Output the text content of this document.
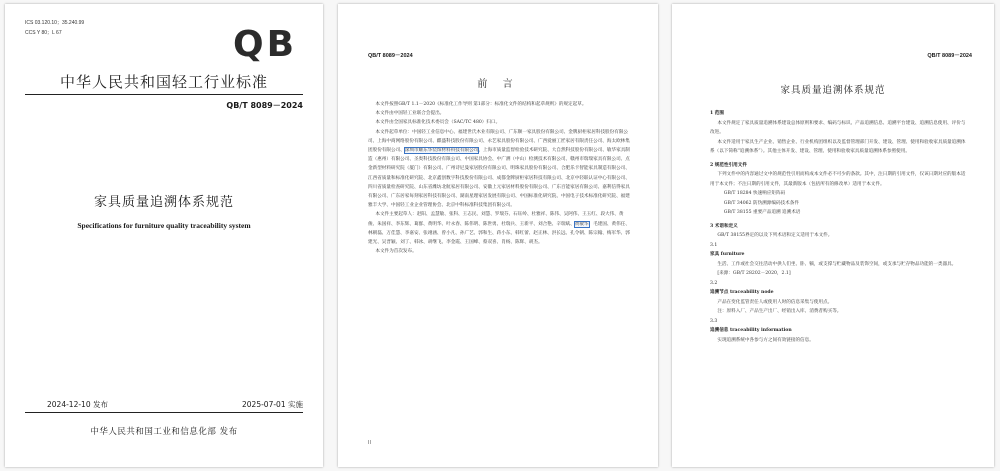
ICS 03.120.10；35.240.99
CCS Y 80；L 67	QB
中华人民共和国轻工行业标准
QB/T 8089－2024
家具质量追溯体系规范
Specifications for furniture quality traceability system
2024-12-10 发布	2025-07-01 实施
中华人民共和国工业和信息化部 发布
QB/T 8089－2024
前 言

本文件按照GB/T 1.1－2020《标准化工作导则 第1部分：标准化文件的结构和起草规则》的规定起草。

本文件由中国轻工业联合会提出。

本文件由全国家具标准化技术委员会（SAC/TC 480）归口。

本文件起草单位：中国轻工业信息中心、福建世氏木业有限公司、广东顺一家具股份有限公司、金牌厨柜家居科技股份有限公司、上海中商网络股份有限公司、麒盛科技股份有限公司、永艺家具股份有限公司、广西爱丽工匠家居有限责任公司、海太欧林集团股份有限公司、深圳市耀东华装饰材料科技有限公司、上海市质量监督检验技术研究院、大自然科技股份有限公司、敏华家具制造（惠州）有限公司、圣奥科技股份有限公司、中国家具协会、中广测（中山）检测技术有限公司、赣州市瑞瑞家具有限公司、点金新型材料研究院（厦门）有限公司、广州诗尼曼家居股份有限公司、明珠家具股份有限公司、合肥乐卡智能家具制造有限公司、江西省质量和标准化研究院、北京鑫创数字科技股份有限公司、成都金牌厨柜家居科技有限公司、北京中轻联认证中心有限公司、四川省质量检查研究院、山东省潍坊北航家居有限公司、安徽上元家居材料股份有限公司、广东百能家居有限公司、嘉利信得家具有限公司、广东居家每刻家居科技有限公司、湖南星理家居发展有限公司、中国标准化研究院、中国电子技术标准化研究院、福建雅丰大学、中国轻工业企业管理协会、北京中科标准科技集团有限公司。

本文件主要起草人：赵阳、孟慧敏、张科、王志民、刘慧、罗瑞芬、石钰岭、杜雅祥、陈伟、吴阿伟、王玉红、段大伟、黄俊、朱国祥、李东辉、葛群、黄明华、叶永春、陈伟明、陈世勇、杜瑞兵、王新平、刘合艳、辛瑞斌、黄敏华、毛建国、黄伟任、林朝磊、万佳慧、李嘉安、张翊涵、曾小凡、孙广艺、郭和生、蒋小东、韩红蕾、赵正林、洪长远、孔令朝、陈宗翰、梅军华、郭建光、吴晋颖、刘丁、韩冰、胡继飞、李金霞、王国峰、蔡双喜、肖杨、陈辉、胡杰。

本文件为首次发布。

II
QB/T 8089－2024
家具质量追溯体系规范
1 范围
本文件规定了家具质量追溯体系建设总体原则和要求、编码与标识、产品追溯信息、追溯平台建设、追溯信息使用、评价与改进。
本文件适用于家具生产企业、销售企业、行业机构团组织以及监督管理部门开发、建设、管理、使用和验收家具质量追溯体系（以下简称“追溯体系”）。其他主体开发、建设、管理、使用和验收家具质量追溯体系参照使用。
2 规范性引用文件
下列文件中的内容通过文中的规范性引用而构成本文件必不可少的条款。其中，注日期的引用文件，仅该日期对应的版本适用于本文件；不注日期的引用文件，其最新版本（包括所有的修改单）适用于本文件。
GB/T 18284 快速响应矩阵码
GB/T 34062 防伪溯源编码技术条件
GB/T 38155 重要产品追溯 追溯术语
3 术语和定义
GB/T 38155界定的以及下列术语和定义适用于本文件。
3.1
家具 furniture
生活、工作或社会交往活动中供人们坐、卧、躺，或支撑与贮藏物品及装饰空间，或支承与贮存物品功能的一类器具。
[来源：GB/T 28202－2020，2.1]
3.2
追溯节点 traceability node
产品在变化监管责任人或使用人时的信息采集与使用点。
注：原料入厂、产品生产出厂、经销出入库、消费者购买等。
3.3
追溯信息 traceability information
实现追溯系统中各参与方之间有效链接的信息。
